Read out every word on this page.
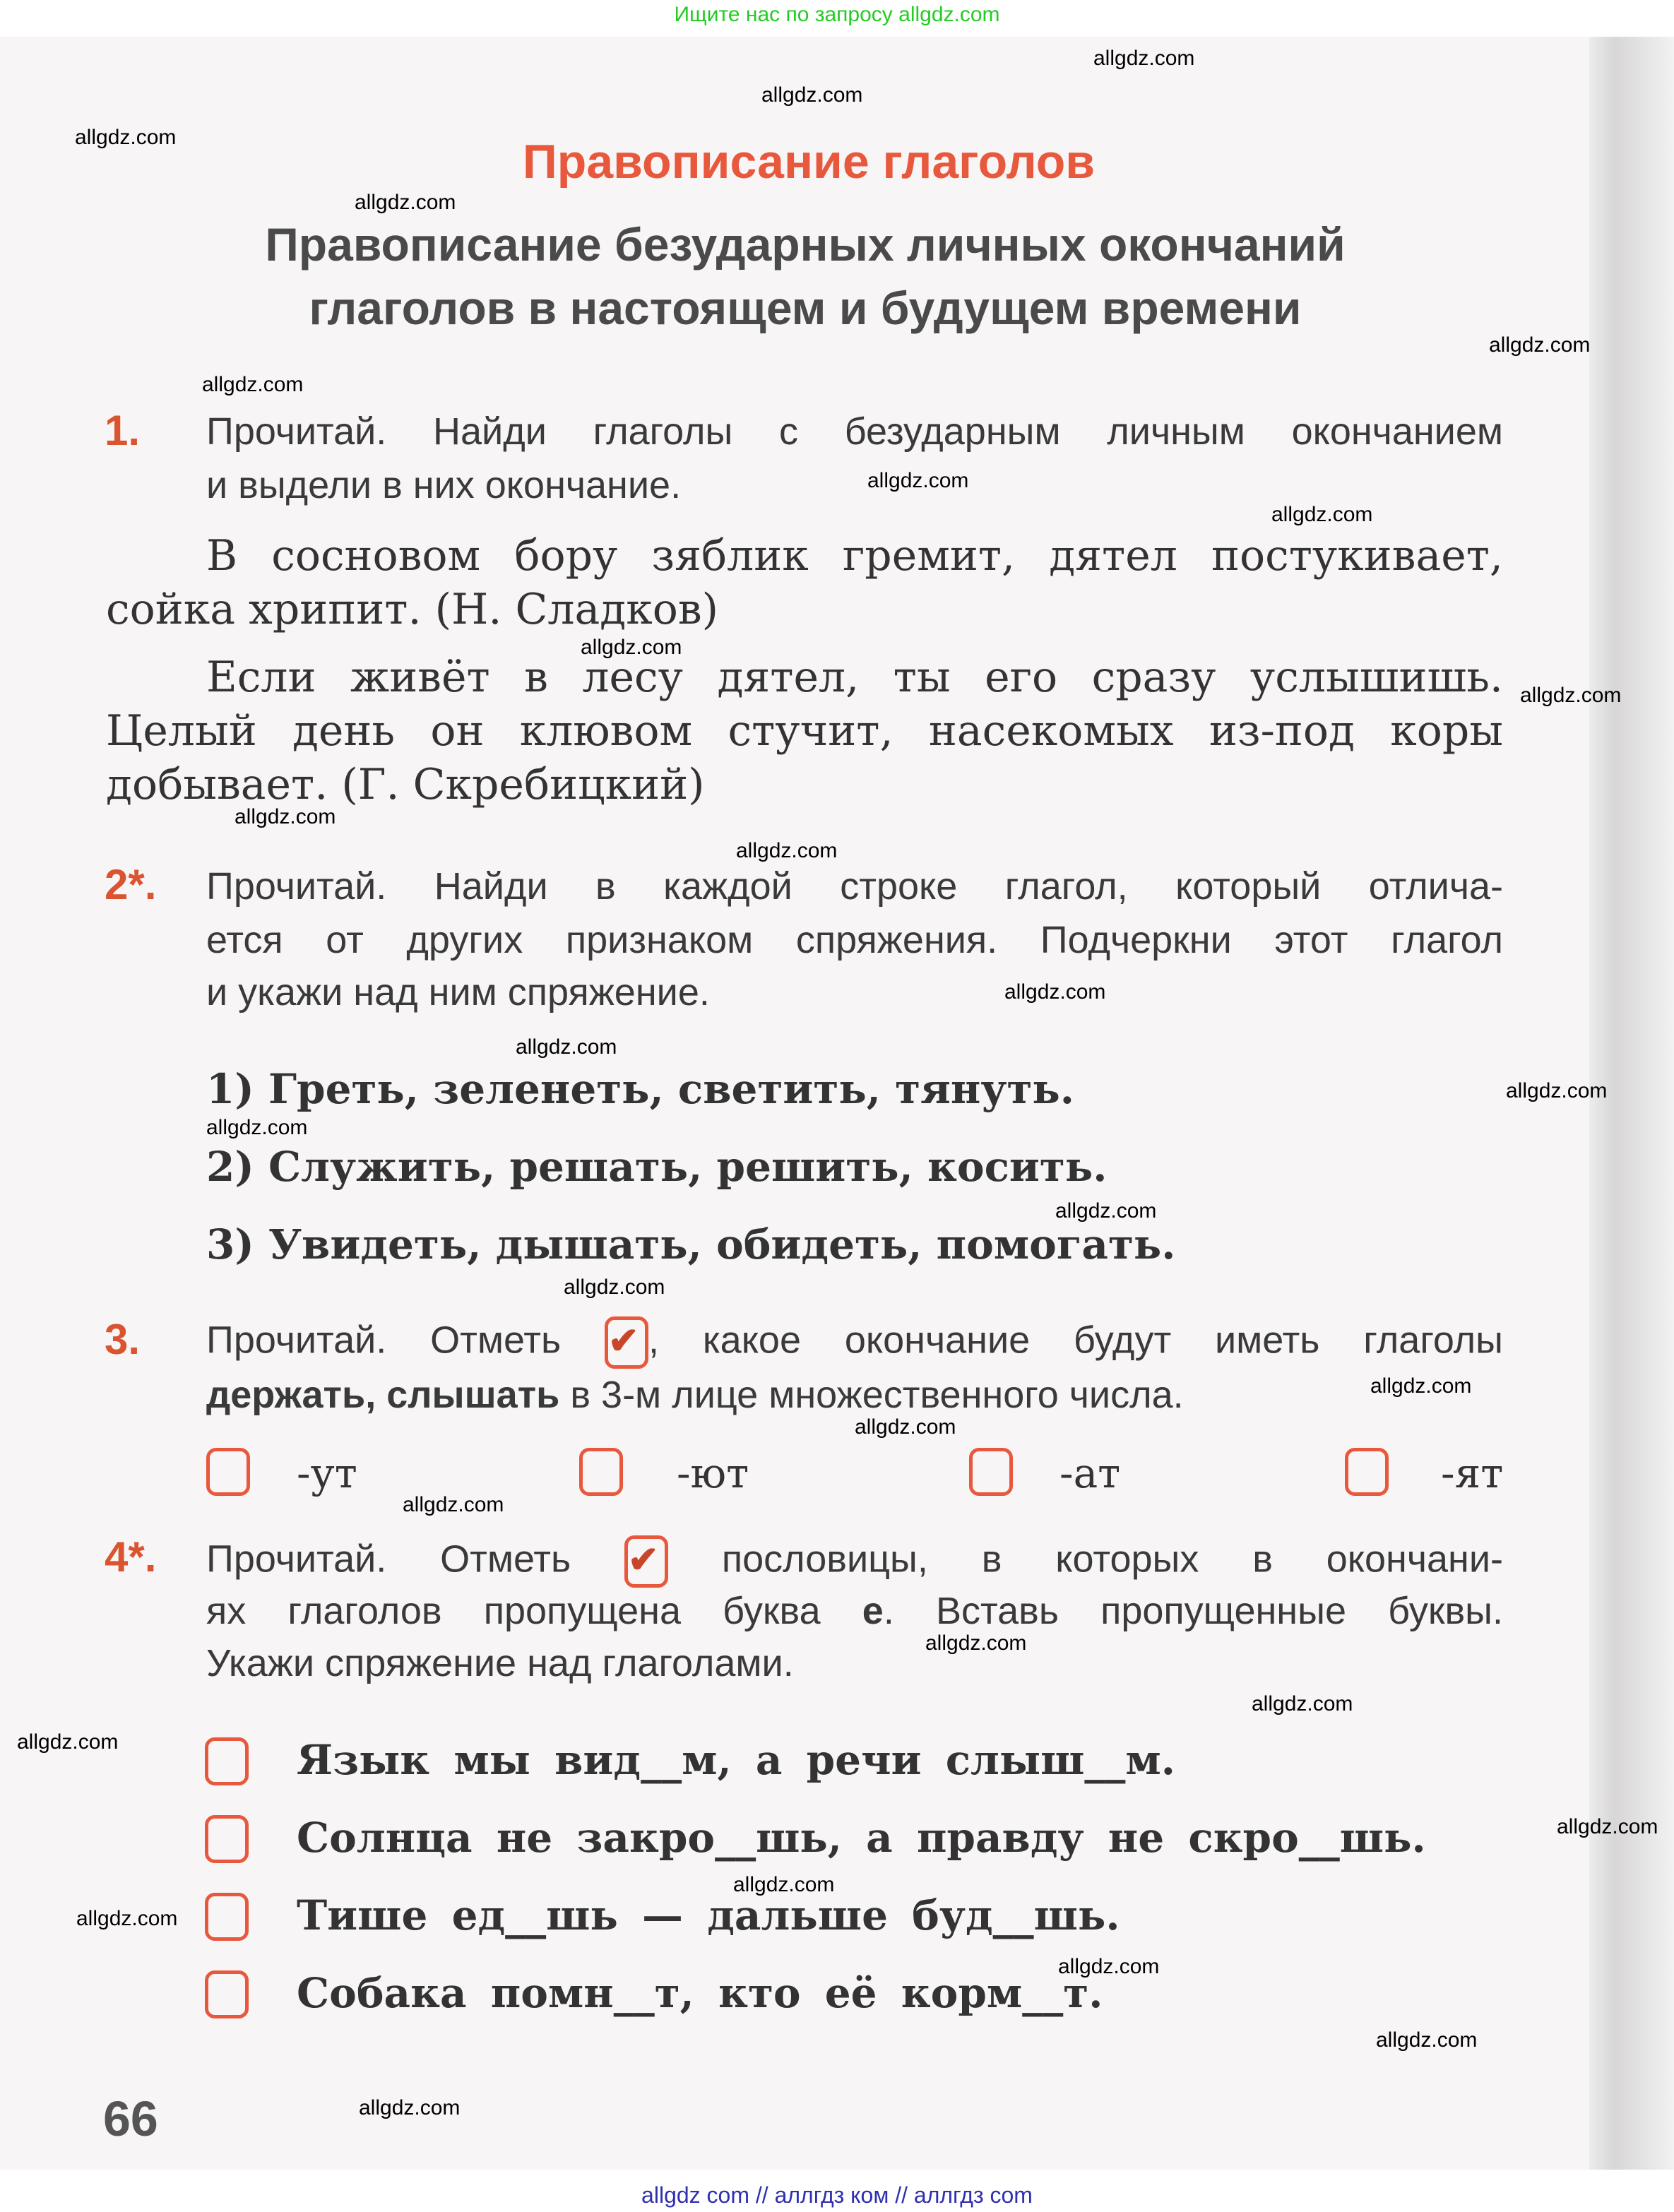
Ищите нас по запросу allgdz.com
Правописание глаголов
Правописание безударных личных окончаний
глаголов в настоящем и будущем времени
1. Прочитай. Найди глаголы с безударным личным окончанием
и выдели в них окончание.
В сосновом бору зяблик гремит, дятел постукивает,
сойка хрипит. (Н. Сладков)
Если живёт в лесу дятел, ты его сразу услышишь.
Целый день он клювом стучит, насекомых из-под коры
добывает. (Г. Скребицкий)
2*. Прочитай. Найди в каждой строке глагол, который отлича-
ется от других признаком спряжения. Подчеркни этот глагол
и укажи над ним спряжение.
1) Греть, зеленеть, светить, тянуть.
2) Служить, решать, решить, косить.
3) Увидеть, дышать, обидеть, помогать.
3. Прочитай. Отметь ✔ , какое окончание будут иметь глаголы
держать, слышать в 3-м лице множественного числа.
-ут	-ют	-ат	-ят
4*. Прочитай. Отметь ✔ пословицы, в которых в окончани-
ях глаголов пропущена буква е. Вставь пропущенные буквы.
Укажи спряжение над глаголами.
Язык мы вид__м, а речи слыш__м.
Солнца не закро__шь, а правду не скро__шь.
Тише ед__шь — дальше буд__шь.
Собака помн__т, кто её корм__т.
66
allgdz com // аллгдз ком // аллгдз com
allgdz.com
allgdz.com
allgdz.com
allgdz.com
allgdz.com
allgdz.com
allgdz.com
allgdz.com
allgdz.com
allgdz.com
allgdz.com
allgdz.com
allgdz.com
allgdz.com
allgdz.com
allgdz.com
allgdz.com
allgdz.com
allgdz.com
allgdz.com
allgdz.com
allgdz.com
allgdz.com
allgdz.com
allgdz.com
allgdz.com
allgdz.com
allgdz.com
allgdz.com
allgdz.com
